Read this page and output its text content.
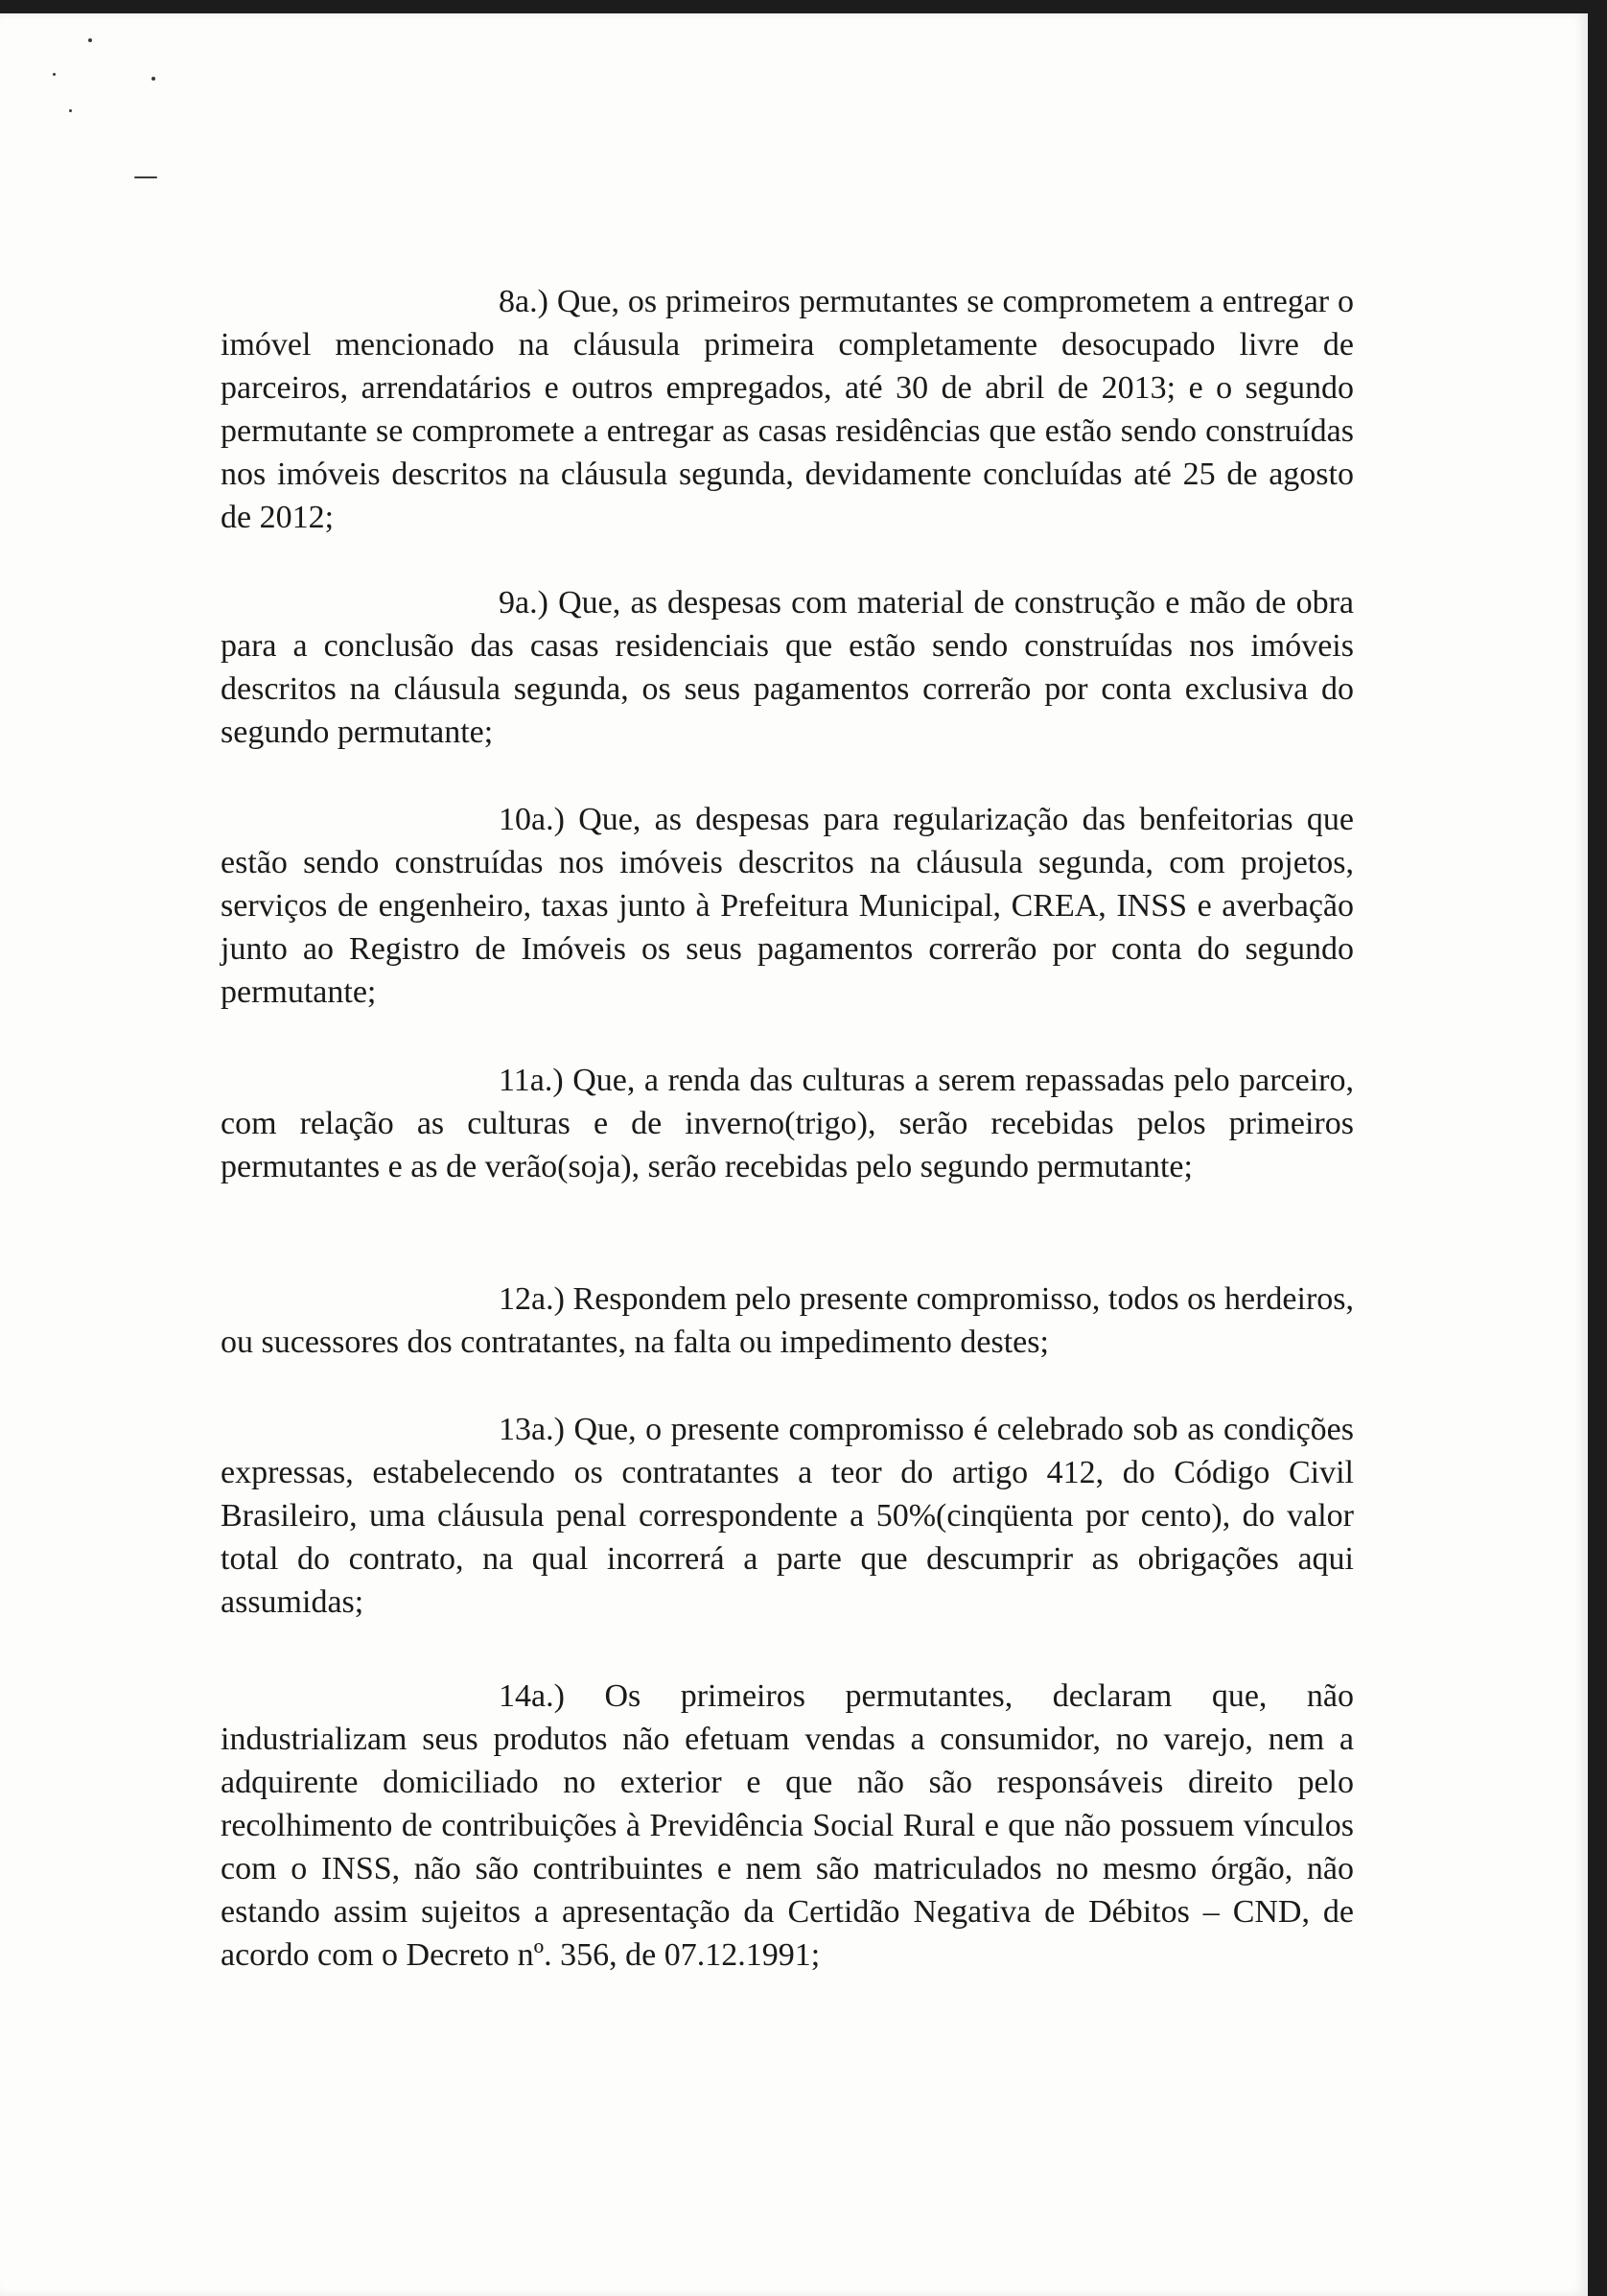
8a.) Que, os primeiros permutantes se comprometem a entregar o imóvel mencionado na cláusula primeira completamente desocupado livre de parceiros, arrendatários e outros empregados, até 30 de abril de 2013; e o segundo permutante se compromete a entregar as casas residências que estão sendo construídas nos imóveis descritos na cláusula segunda, devidamente concluídas até 25 de agosto de 2012;

9a.) Que, as despesas com material de construção e mão de obra para a conclusão das casas residenciais que estão sendo construídas nos imóveis descritos na cláusula segunda, os seus pagamentos correrão por conta exclusiva do segundo permutante;

10a.) Que, as despesas para regularização das benfeitorias que estão sendo construídas nos imóveis descritos na cláusula segunda, com projetos, serviços de engenheiro, taxas junto à Prefeitura Municipal, CREA, INSS e averbação junto ao Registro de Imóveis os seus pagamentos correrão por conta do segundo permutante;

11a.) Que, a renda das culturas a serem repassadas pelo parceiro, com relação as culturas e de inverno(trigo), serão recebidas pelos primeiros permutantes e as de verão(soja), serão recebidas pelo segundo permutante;

12a.) Respondem pelo presente compromisso, todos os herdeiros, ou sucessores dos contratantes, na falta ou impedimento destes;

13a.) Que, o presente compromisso é celebrado sob as condições expressas, estabelecendo os contratantes a teor do artigo 412, do Código Civil Brasileiro, uma cláusula penal correspondente a 50%(cinqüenta por cento), do valor total do contrato, na qual incorrerá a parte que descumprir as obrigações aqui assumidas;

14a.) Os primeiros permutantes, declaram que, não industrializam seus produtos não efetuam vendas a consumidor, no varejo, nem a adquirente domiciliado no exterior e que não são responsáveis direito pelo recolhimento de contribuições à Previdência Social Rural e que não possuem vínculos com o INSS, não são contribuintes e nem são matriculados no mesmo órgão, não estando assim sujeitos a apresentação da Certidão Negativa de Débitos – CND, de acordo com o Decreto nº. 356, de 07.12.1991;
